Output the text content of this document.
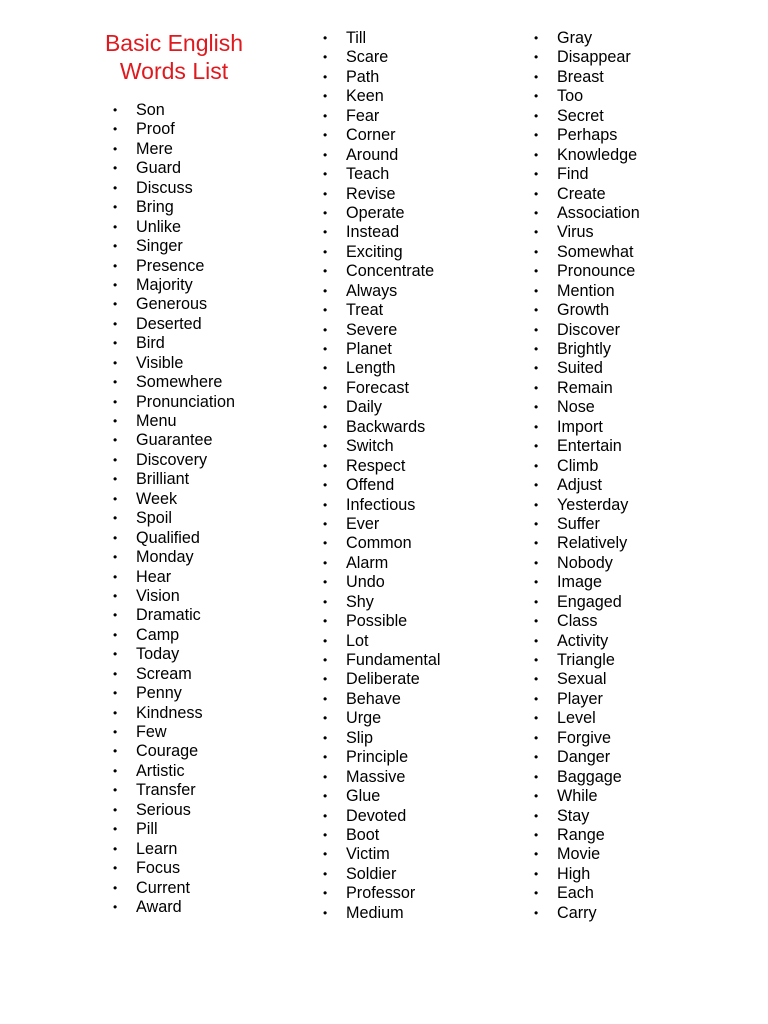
Basic English
Words List
• Son
• Proof
• Mere
• Guard
• Discuss
• Bring
• Unlike
• Singer
• Presence
• Majority
• Generous
• Deserted
• Bird
• Visible
• Somewhere
• Pronunciation
• Menu
• Guarantee
• Discovery
• Brilliant
• Week
• Spoil
• Qualified
• Monday
• Hear
• Vision
• Dramatic
• Camp
• Today
• Scream
• Penny
• Kindness
• Few
• Courage
• Artistic
• Transfer
• Serious
• Pill
• Learn
• Focus
• Current
• Award
• Till
• Scare
• Path
• Keen
• Fear
• Corner
• Around
• Teach
• Revise
• Operate
• Instead
• Exciting
• Concentrate
• Always
• Treat
• Severe
• Planet
• Length
• Forecast
• Daily
• Backwards
• Switch
• Respect
• Offend
• Infectious
• Ever
• Common
• Alarm
• Undo
• Shy
• Possible
• Lot
• Fundamental
• Deliberate
• Behave
• Urge
• Slip
• Principle
• Massive
• Glue
• Devoted
• Boot
• Victim
• Soldier
• Professor
• Medium
• Gray
• Disappear
• Breast
• Too
• Secret
• Perhaps
• Knowledge
• Find
• Create
• Association
• Virus
• Somewhat
• Pronounce
• Mention
• Growth
• Discover
• Brightly
• Suited
• Remain
• Nose
• Import
• Entertain
• Climb
• Adjust
• Yesterday
• Suffer
• Relatively
• Nobody
• Image
• Engaged
• Class
• Activity
• Triangle
• Sexual
• Player
• Level
• Forgive
• Danger
• Baggage
• While
• Stay
• Range
• Movie
• High
• Each
• Carry
